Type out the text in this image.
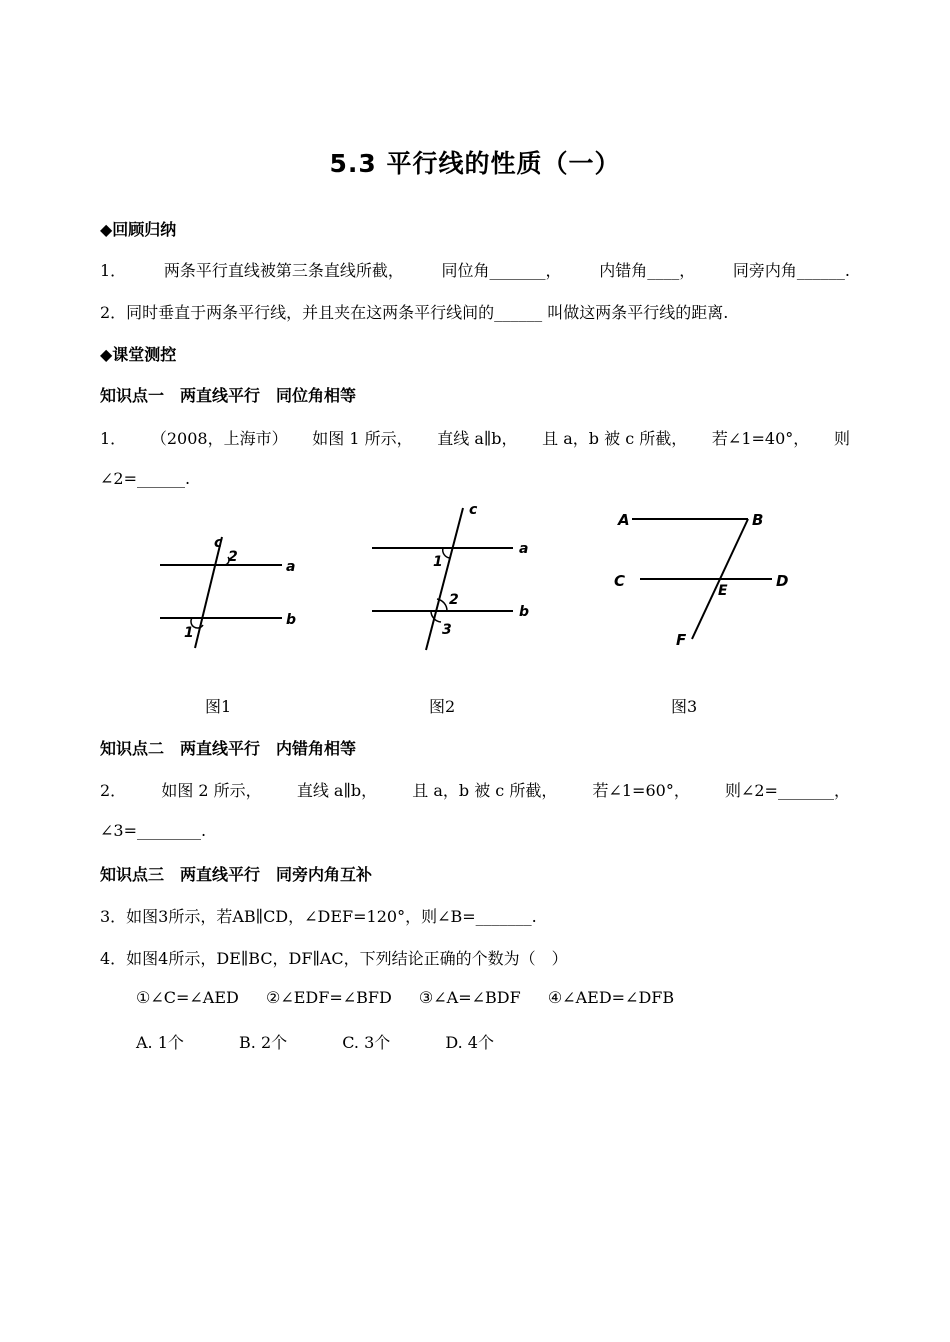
5.3 平行线的性质（一）
◆回顾归纳
1． 两条平行直线被第三条直线所截， 同位角_______， 内错角____， 同旁内角______.
2．同时垂直于两条平行线，并且夹在这两条平行线间的______ 叫做这两条平行线的距离.
◆课堂测控
知识点一　两直线平行　同位角相等
1． （2008，上海市） 如图 1 所示， 直线 a∥b， 且 a，b 被 c 所截， 若∠1=40°， 则
∠2=______.
c
2
a
b
1
图1
c
a
b
1
2
3
图2
A	B
C	D
E
F
图3
知识点二　两直线平行　内错角相等
2． 如图 2 所示， 直线 a∥b， 且 a，b 被 c 所截， 若∠1=60°， 则∠2=_______，
∠3=________.
知识点三　两直线平行　同旁内角互补
3．如图3所示，若AB∥CD，∠DEF=120°，则∠B=_______.
4．如图4所示，DE∥BC，DF∥AC，下列结论正确的个数为（　）
①∠C=∠AED ②∠EDF=∠BFD ③∠A=∠BDF ④∠AED=∠DFB
A. 1个	B. 2个	C. 3个	D. 4个
